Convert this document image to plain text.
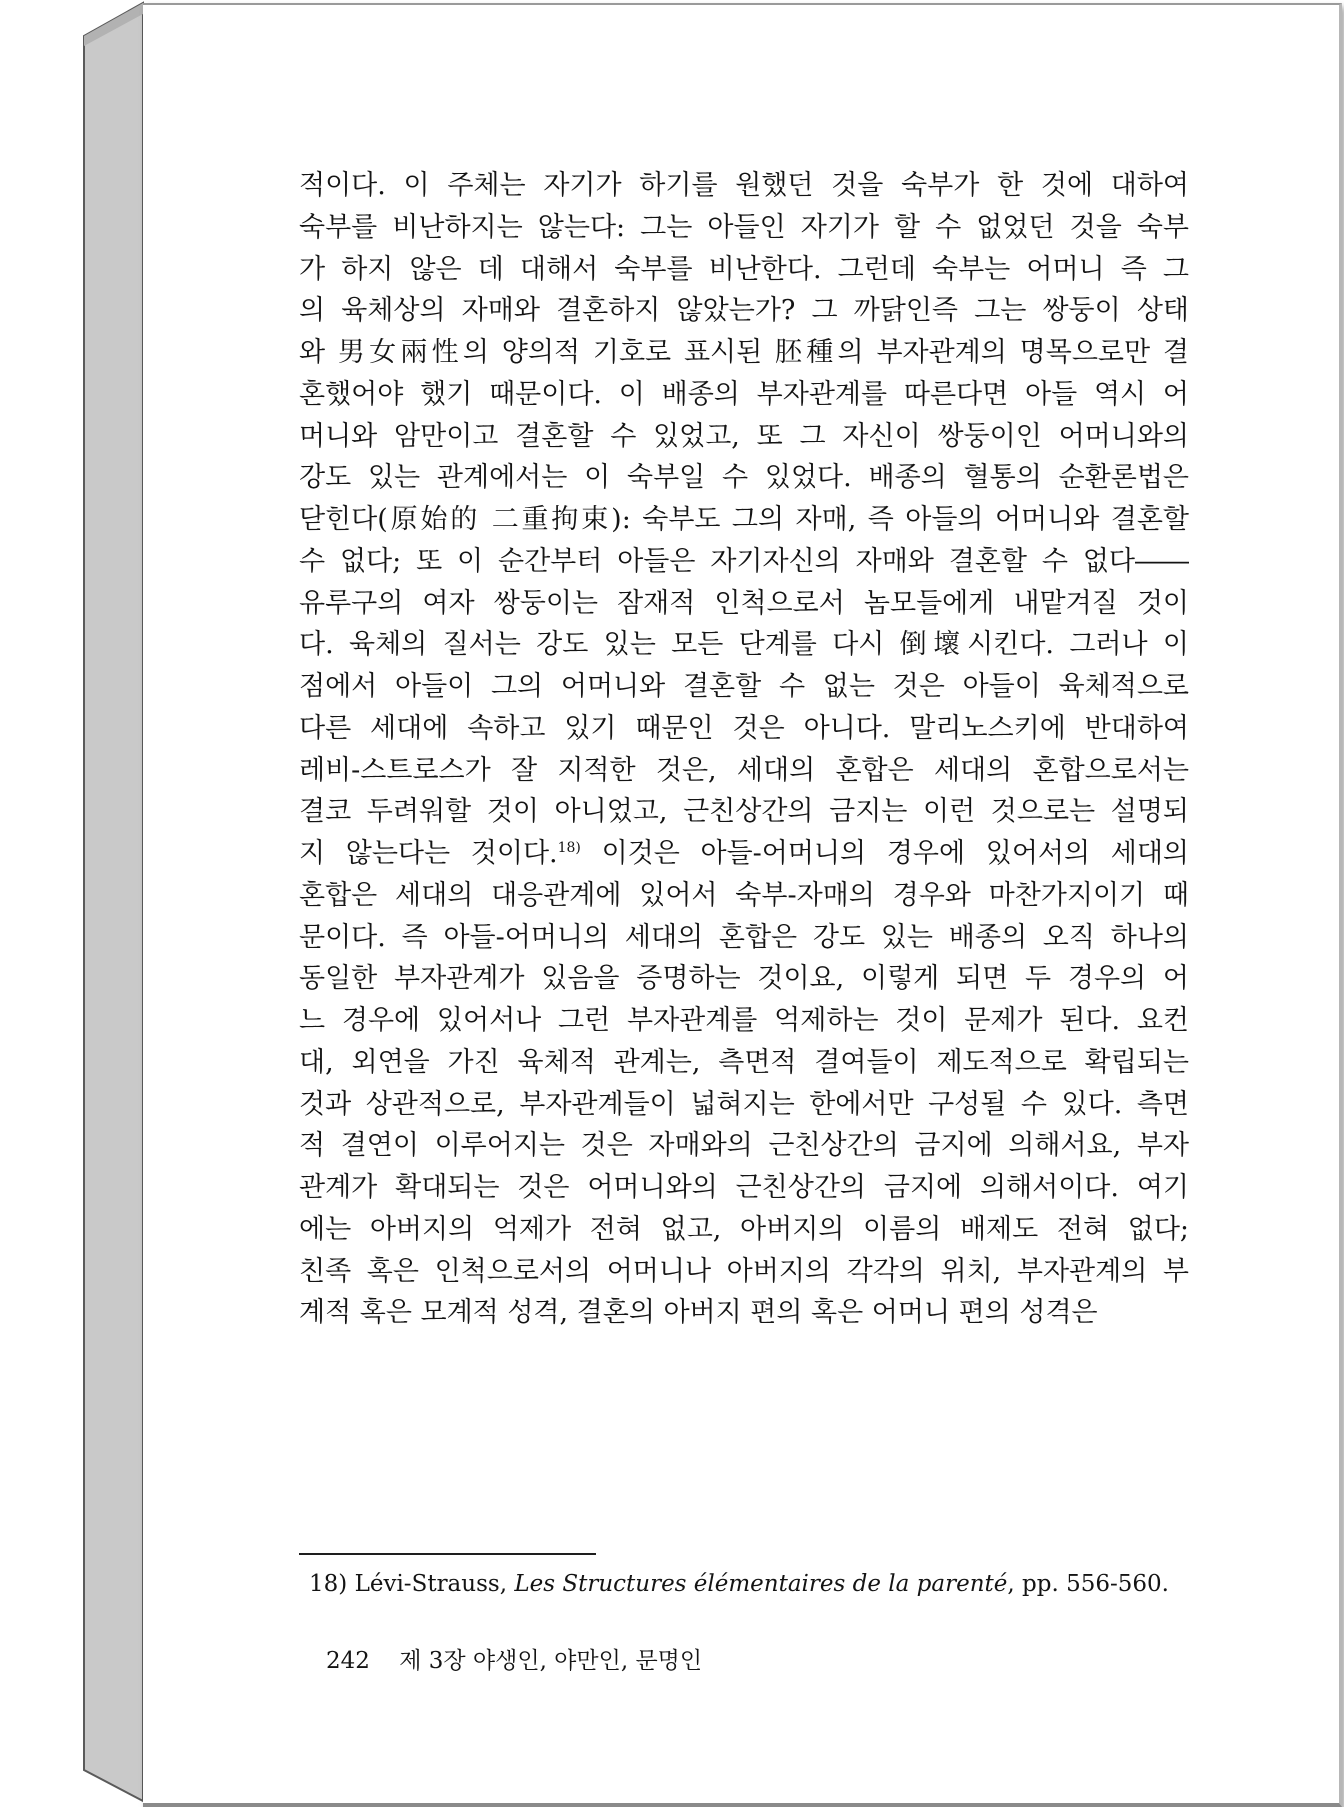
적이다. 이 주체는 자기가 하기를 원했던 것을 숙부가 한 것에 대하여
숙부를 비난하지는 않는다: 그는 아들인 자기가 할 수 없었던 것을 숙부
가 하지 않은 데 대해서 숙부를 비난한다. 그런데 숙부는 어머니 즉 그
의 육체상의 자매와 결혼하지 않았는가? 그 까닭인즉 그는 쌍둥이 상태
와 男女兩性의 양의적 기호로 표시된 胚種의 부자관계의 명목으로만 결
혼했어야 했기 때문이다. 이 배종의 부자관계를 따른다면 아들 역시 어
머니와 암만이고 결혼할 수 있었고, 또 그 자신이 쌍둥이인 어머니와의
강도 있는 관계에서는 이 숙부일 수 있었다. 배종의 혈통의 순환론법은
닫힌다(原始的 二重拘束): 숙부도 그의 자매, 즉 아들의 어머니와 결혼할
수 없다; 또 이 순간부터 아들은 자기자신의 자매와 결혼할 수 없다――
유루구의 여자 쌍둥이는 잠재적 인척으로서 놈모들에게 내맡겨질 것이
다. 육체의 질서는 강도 있는 모든 단계를 다시 倒壞시킨다. 그러나 이
점에서 아들이 그의 어머니와 결혼할 수 없는 것은 아들이 육체적으로
다른 세대에 속하고 있기 때문인 것은 아니다. 말리노스키에 반대하여
레비-스트로스가 잘 지적한 것은, 세대의 혼합은 세대의 혼합으로서는
결코 두려워할 것이 아니었고, 근친상간의 금지는 이런 것으로는 설명되
지 않는다는 것이다.$^{18)}$ 이것은 아들-어머니의 경우에 있어서의 세대의
혼합은 세대의 대응관계에 있어서 숙부-자매의 경우와 마찬가지이기 때
문이다. 즉 아들-어머니의 세대의 혼합은 강도 있는 배종의 오직 하나의
동일한 부자관계가 있음을 증명하는 것이요, 이렇게 되면 두 경우의 어
느 경우에 있어서나 그런 부자관계를 억제하는 것이 문제가 된다. 요컨
대, 외연을 가진 육체적 관계는, 측면적 결여들이 제도적으로 확립되는
것과 상관적으로, 부자관계들이 넓혀지는 한에서만 구성될 수 있다. 측면
적 결연이 이루어지는 것은 자매와의 근친상간의 금지에 의해서요, 부자
관계가 확대되는 것은 어머니와의 근친상간의 금지에 의해서이다. 여기
에는 아버지의 억제가 전혀 없고, 아버지의 이름의 배제도 전혀 없다;
친족 혹은 인척으로서의 어머니나 아버지의 각각의 위치, 부자관계의 부
계적 혹은 모계적 성격, 결혼의 아버지 편의 혹은 어머니 편의 성격은
18) Lévi-Strauss, Les Structures élémentaires de la parenté, pp. 556-560.
242 제 3장 야생인, 야만인, 문명인
